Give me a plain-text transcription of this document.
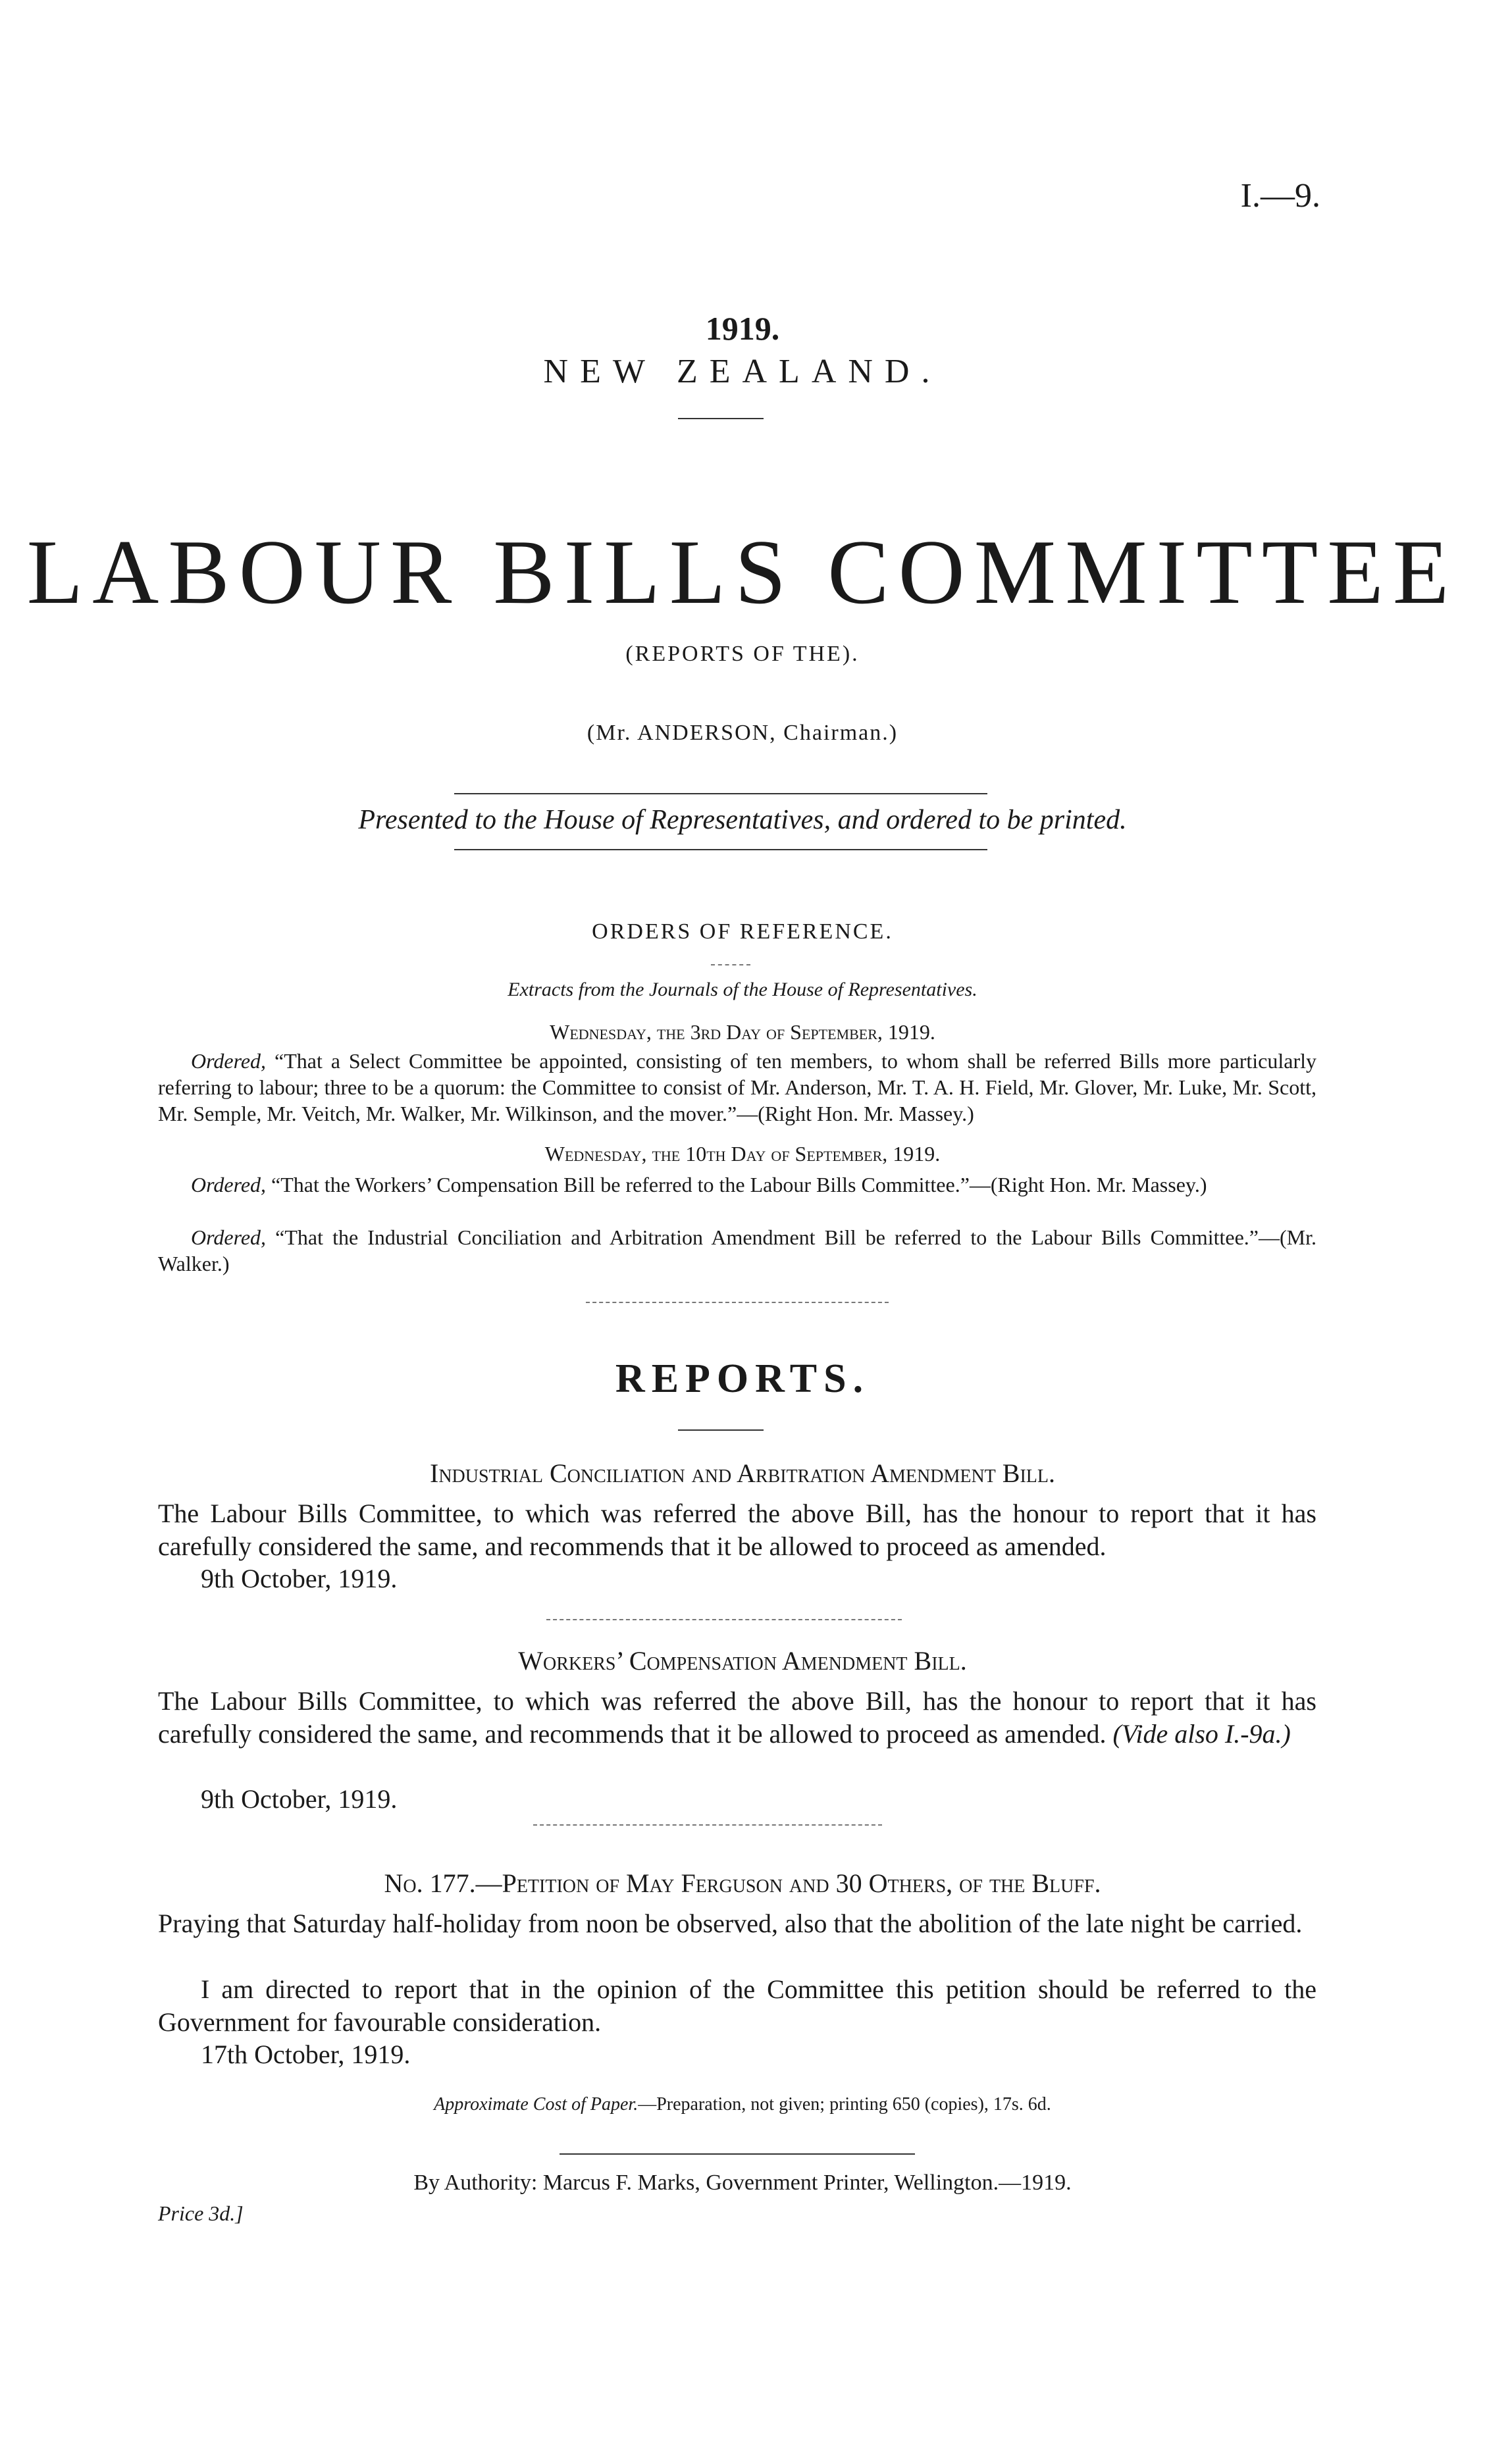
I.—9.
1919.
NEW ZEALAND.
LABOUR BILLS COMMITTEE
(REPORTS OF THE).
(Mr. ANDERSON, Chairman.)
Presented to the House of Representatives, and ordered to be printed.
ORDERS OF REFERENCE.
Extracts from the Journals of the House of Representatives.
Wednesday, the 3rd Day of September, 1919.
Ordered, “That a Select Committee be appointed, consisting of ten members, to whom shall be referred Bills more particularly referring to labour; three to be a quorum: the Committee to consist of Mr. Anderson, Mr. T. A. H. Field, Mr. Glover, Mr. Luke, Mr. Scott, Mr. Semple, Mr. Veitch, Mr. Walker, Mr. Wilkinson, and the mover.”—(Right Hon. Mr. Massey.)
Wednesday, the 10th Day of September, 1919.
Ordered, “That the Workers’ Compensation Bill be referred to the Labour Bills Committee.”—(Right Hon. Mr. Massey.)
Ordered, “That the Industrial Conciliation and Arbitration Amendment Bill be referred to the Labour Bills Committee.”—(Mr. Walker.)
REPORTS.
Industrial Conciliation and Arbitration Amendment Bill.
The Labour Bills Committee, to which was referred the above Bill, has the honour to report that it has carefully considered the same, and recommends that it be allowed to proceed as amended.
9th October, 1919.
Workers’ Compensation Amendment Bill.
The Labour Bills Committee, to which was referred the above Bill, has the honour to report that it has carefully considered the same, and recommends that it be allowed to proceed as amended. (Vide also I.-9a.)
9th October, 1919.
No. 177.—Petition of May Ferguson and 30 Others, of the Bluff.
Praying that Saturday half-holiday from noon be observed, also that the abolition of the late night be carried.
I am directed to report that in the opinion of the Committee this petition should be referred to the Government for favourable consideration.
17th October, 1919.
Approximate Cost of Paper.—Preparation, not given; printing 650 (copies), 17s. 6d.
By Authority: Marcus F. Marks, Government Printer, Wellington.—1919.
Price 3d.]
